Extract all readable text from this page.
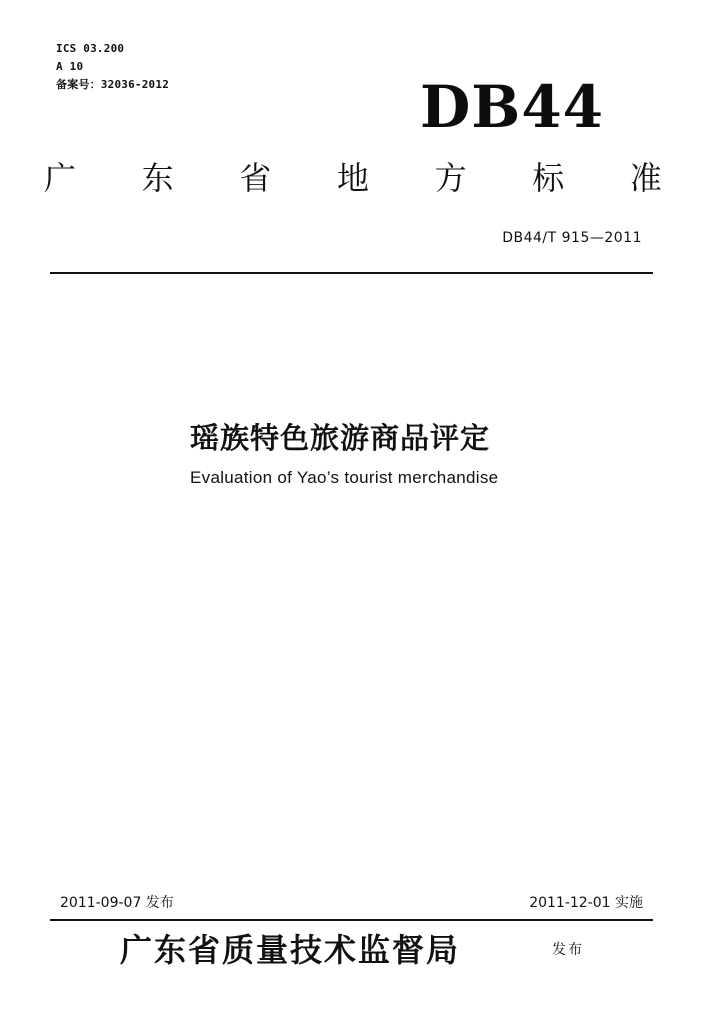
ICS 03.200
A 10
备案号：32036-2012	DB44
广 东 省 地 方 标 准
DB44/T 915—2011
瑶族特色旅游商品评定
Evaluation of Yao’s tourist merchandise
2011-09-07 发布	2011-12-01 实施
广东省质量技术监督局	发布
